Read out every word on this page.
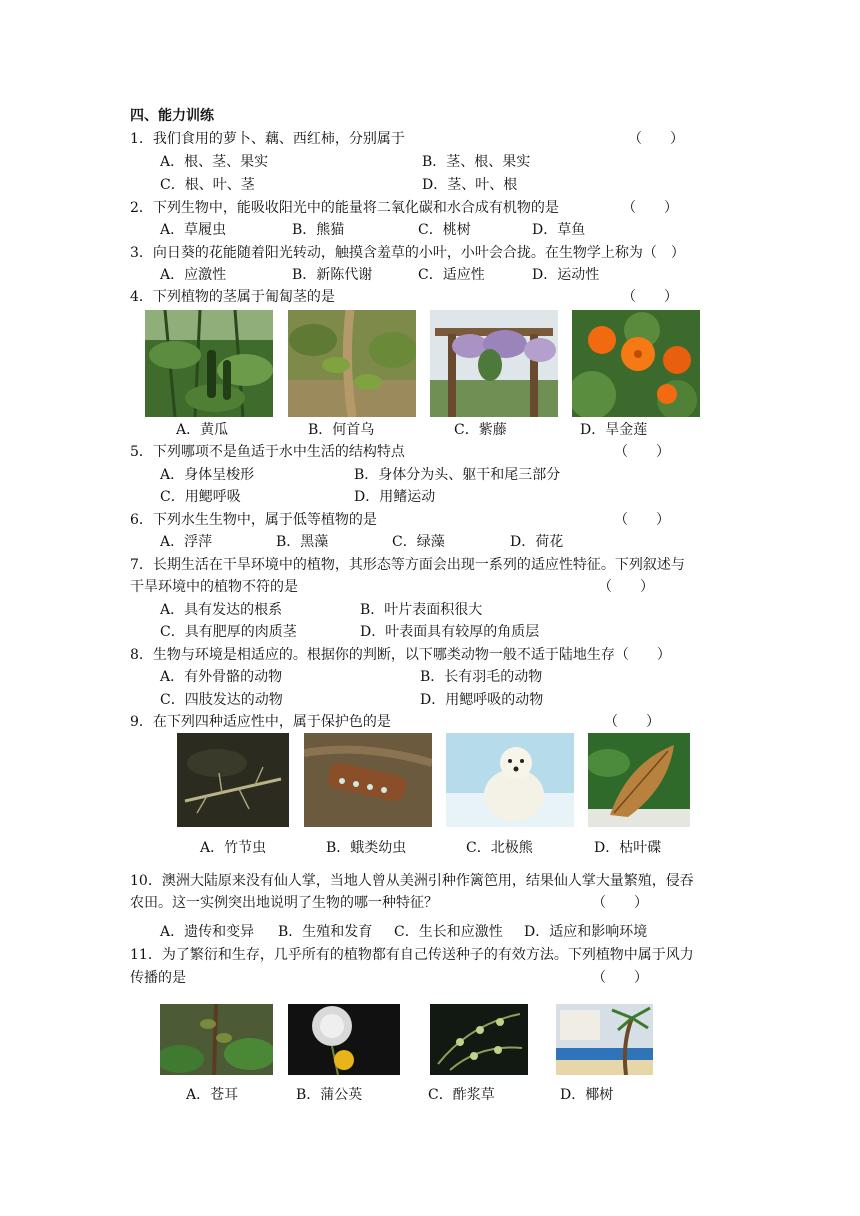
四、能力训练
1．我们食用的萝卜、藕、西红柿，分别属于	（　　）
A．根、茎、果实	B．茎、根、果实
C．根、叶、茎	D．茎、叶、根
2．下列生物中，能吸收阳光中的能量将二氧化碳和水合成有机物的是	（　　）
A．草履虫	B．熊猫	C．桃树	D．草鱼
3．向日葵的花能随着阳光转动，触摸含羞草的小叶，小叶会合拢。在生物学上称为（　）
A．应激性	B．新陈代谢	C．适应性	D．运动性
4．下列植物的茎属于匍匐茎的是	（　　）
A．黄瓜	B．何首乌	C．紫藤	D．旱金莲
5．下列哪项不是鱼适于水中生活的结构特点	（　　）
A．身体呈梭形	B．身体分为头、躯干和尾三部分
C．用鳃呼吸	D．用鳍运动
6．下列水生生物中，属于低等植物的是	（　　）
A．浮萍	B．黑藻	C．绿藻	D．荷花
7．长期生活在干旱环境中的植物，其形态等方面会出现一系列的适应性特征。下列叙述与
干旱环境中的植物不符的是	（　　）
A．具有发达的根系	B．叶片表面积很大
C．具有肥厚的肉质茎	D．叶表面具有较厚的角质层
8．生物与环境是相适应的。根据你的判断，以下哪类动物一般不适于陆地生存（　　）
A．有外骨骼的动物	B．长有羽毛的动物
C．四肢发达的动物	D．用鳃呼吸的动物
9．在下列四种适应性中，属于保护色的是	（　　）
A．竹节虫	B．蛾类幼虫	C．北极熊	D．枯叶碟
10．澳洲大陆原来没有仙人掌，当地人曾从美洲引种作篱笆用，结果仙人掌大量繁殖，侵吞
农田。这一实例突出地说明了生物的哪一种特征？	（　　）
A．遗传和变异 B．生殖和发育 C．生长和应激性 D．适应和影响环境
11．为了繁衍和生存，几乎所有的植物都有自己传送种子的有效方法。下列植物中属于风力
传播的是	（　　）
A．苍耳	B．蒲公英	C．酢浆草	D．椰树
